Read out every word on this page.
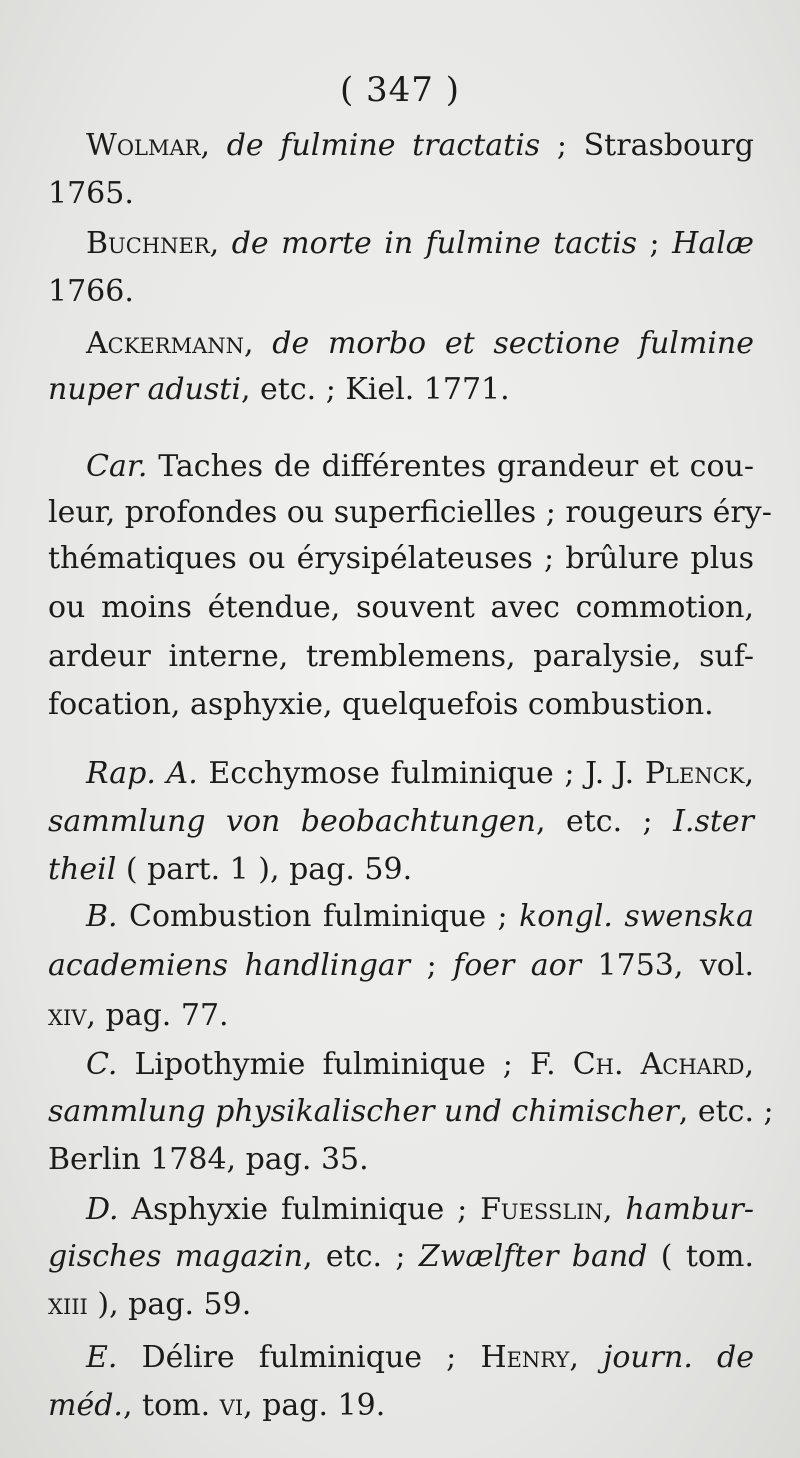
( 347 )
Wolmar, de fulmine tractatis ; Strasbourg
1765.
Buchner, de morte in fulmine tactis ; Halæ
1766.
Ackermann, de morbo et sectione fulmine
nuper adusti, etc. ; Kiel. 1771.
Car. Taches de différentes grandeur et cou-
leur, profondes ou superficielles ; rougeurs éry-
thématiques ou érysipélateuses ; brûlure plus
ou moins étendue, souvent avec commotion,
ardeur interne, tremblemens, paralysie, suf-
focation, asphyxie, quelquefois combustion.
Rap. A. Ecchymose fulminique ; J. J. Plenck,
sammlung von beobachtungen, etc. ; I.ster
theil ( part. 1 ), pag. 59.
B. Combustion fulminique ; kongl. swenska
academiens handlingar ; foer aor 1753, vol.
xiv, pag. 77.
C. Lipothymie fulminique ; F. Ch. Achard,
sammlung physikalischer und chimischer, etc. ;
Berlin 1784, pag. 35.
D. Asphyxie fulminique ; Fuesslin, hambur-
gisches magazin, etc. ; Zwælfter band ( tom.
xiii ), pag. 59.
E. Délire fulminique ; Henry, journ. de
méd., tom. vi, pag. 19.
